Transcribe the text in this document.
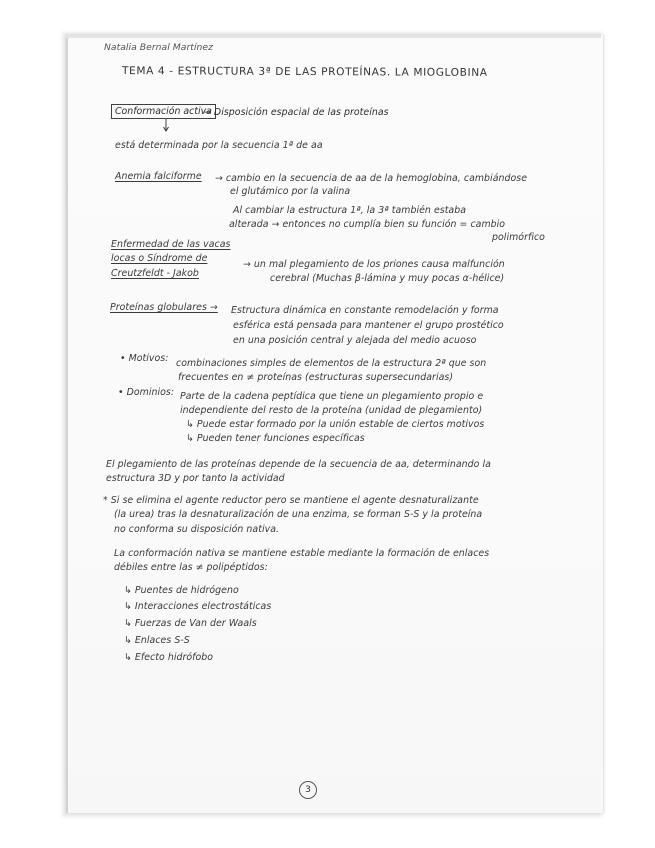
Natalia Bernal Martínez
TEMA 4 - ESTRUCTURA 3ª DE LAS PROTEÍNAS. LA MIOGLOBINA
Conformación activa
→ Disposición espacial de las proteínas
está determinada por la secuencia 1ª de aa
Anemia falciforme → cambio en la secuencia de aa de la hemoglobina, cambiándose
el glutámico por la valina
Al cambiar la estructura 1ª, la 3ª también estaba
alterada → entonces no cumplía bien su función = cambio
polimórfico
Enfermedad de las vacas
locas o Síndrome de
Creutzfeldt - Jakob
→ un mal plegamiento de los priones causa malfunción
cerebral (Muchas β-lámina y muy pocas α-hélice)
Proteínas globulares → Estructura dinámica en constante remodelación y forma
esférica está pensada para mantener el grupo prostético
en una posición central y alejada del medio acuoso
• Motivos: combinaciones simples de elementos de la estructura 2ª que son
frecuentes en ≠ proteínas (estructuras supersecundarias)
• Dominios: Parte de la cadena peptídica que tiene un plegamiento propio e
independiente del resto de la proteína (unidad de plegamiento)
↳ Puede estar formado por la unión estable de ciertos motivos
↳ Pueden tener funciones específicas
El plegamiento de las proteínas depende de la secuencia de aa, determinando la
estructura 3D y por tanto la actividad
* Si se elimina el agente reductor pero se mantiene el agente desnaturalizante
(la urea) tras la desnaturalización de una enzima, se forman S-S y la proteína
no conforma su disposición nativa.
La conformación nativa se mantiene estable mediante la formación de enlaces
débiles entre las ≠ polipéptidos:
↳ Puentes de hidrógeno
↳ Interacciones electrostáticas
↳ Fuerzas de Van der Waals
↳ Enlaces S-S
↳ Efecto hidrófobo
3
